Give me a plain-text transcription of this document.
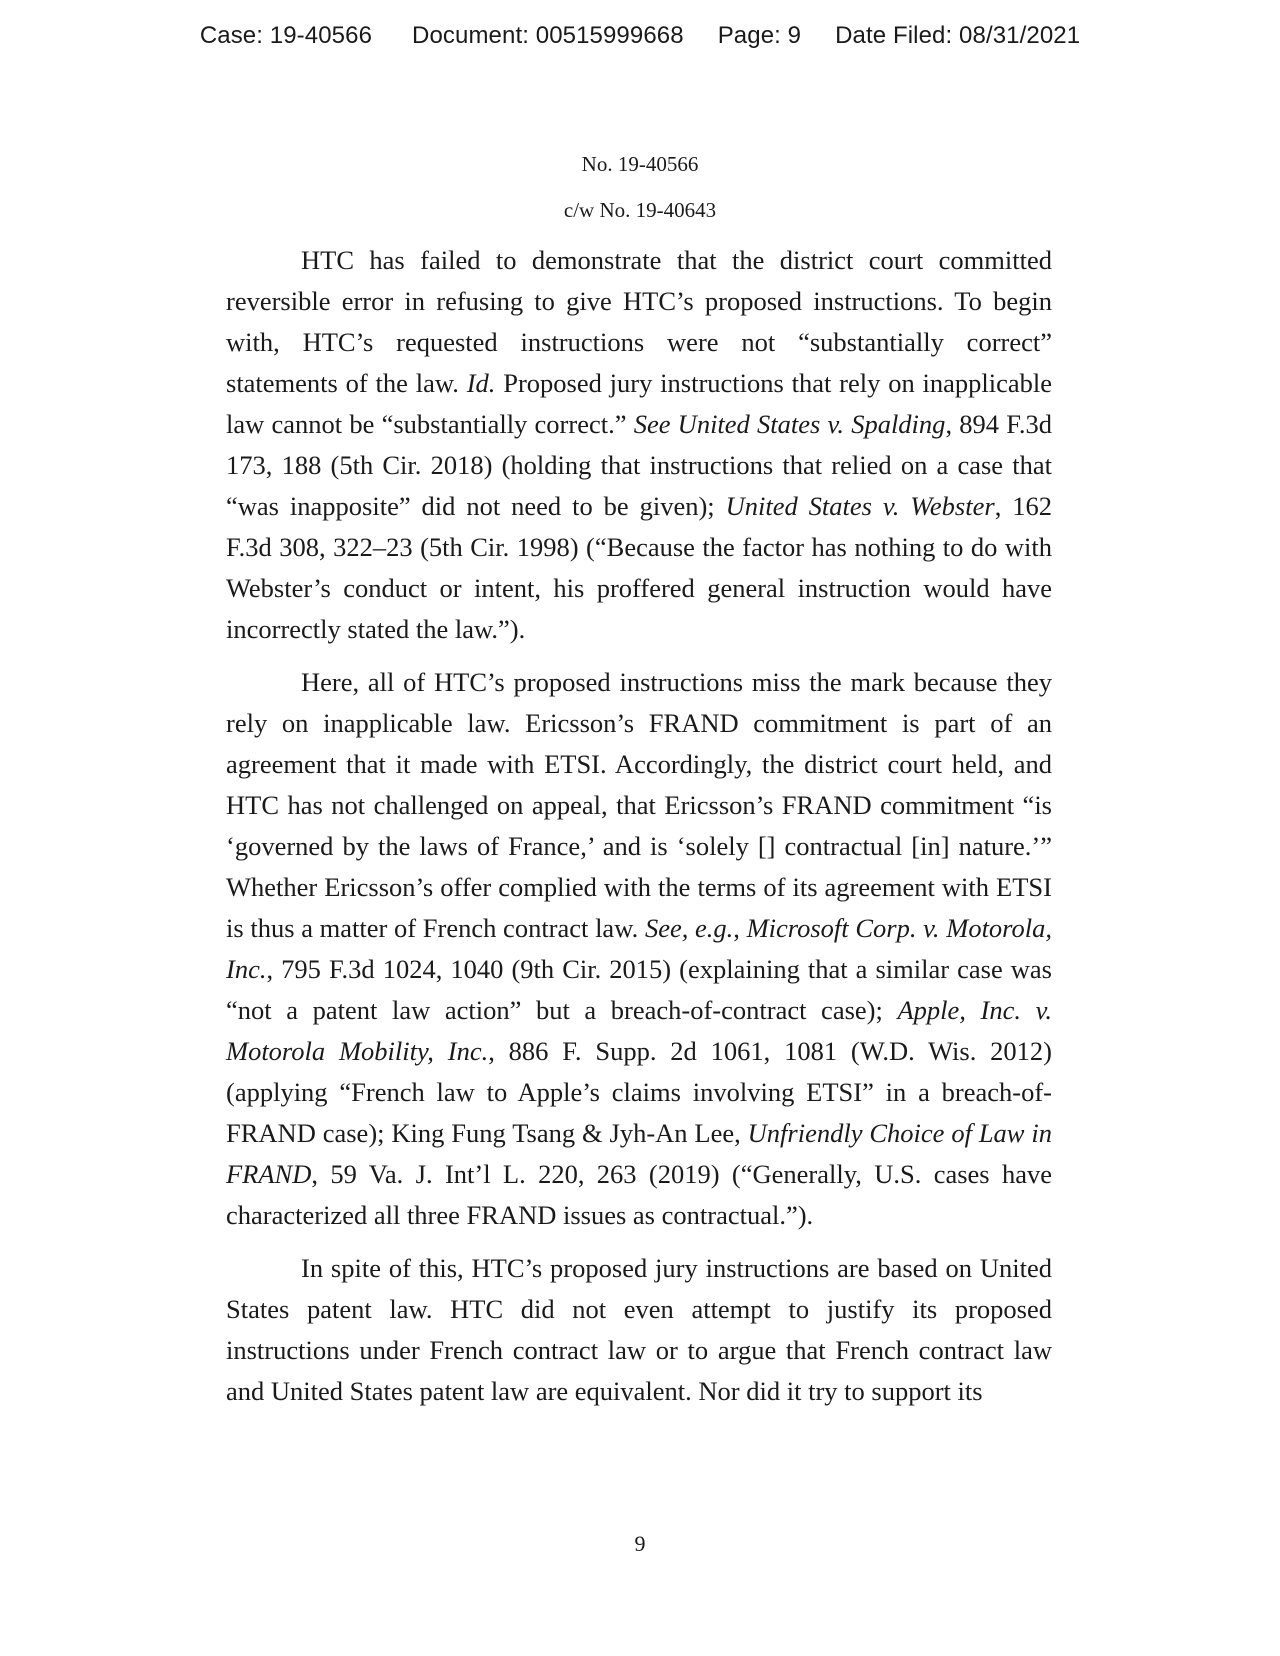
Case: 19-40566 Document: 00515999668 Page: 9 Date Filed: 08/31/2021
No. 19-40566
c/w No. 19-40643

HTC has failed to demonstrate that the district court committed reversible error in refusing to give HTC’s proposed instructions. To begin with, HTC’s requested instructions were not “substantially correct” statements of the law. Id. Proposed jury instructions that rely on inapplicable law cannot be “substantially correct.” See United States v. Spalding, 894 F.3d 173, 188 (5th Cir. 2018) (holding that instructions that relied on a case that “was inapposite” did not need to be given); United States v. Webster, 162 F.3d 308, 322–23 (5th Cir. 1998) (“Because the factor has nothing to do with Webster’s conduct or intent, his proffered general instruction would have incorrectly stated the law.”).

Here, all of HTC’s proposed instructions miss the mark because they rely on inapplicable law. Ericsson’s FRAND commitment is part of an agreement that it made with ETSI. Accordingly, the district court held, and HTC has not challenged on appeal, that Ericsson’s FRAND commitment “is ‘governed by the laws of France,’ and is ‘solely [] contractual [in] nature.’” Whether Ericsson’s offer complied with the terms of its agreement with ETSI is thus a matter of French contract law. See, e.g., Microsoft Corp. v. Motorola, Inc., 795 F.3d 1024, 1040 (9th Cir. 2015) (explaining that a similar case was “not a patent law action” but a breach-of-contract case); Apple, Inc. v. Motorola Mobility, Inc., 886 F. Supp. 2d 1061, 1081 (W.D. Wis. 2012) (applying “French law to Apple’s claims involving ETSI” in a breach-of-FRAND case); King Fung Tsang & Jyh-An Lee, Unfriendly Choice of Law in FRAND, 59 Va. J. Int’l L. 220, 263 (2019) (“Generally, U.S. cases have characterized all three FRAND issues as contractual.”).

In spite of this, HTC’s proposed jury instructions are based on United States patent law. HTC did not even attempt to justify its proposed instructions under French contract law or to argue that French contract law and United States patent law are equivalent. Nor did it try to support its

9
